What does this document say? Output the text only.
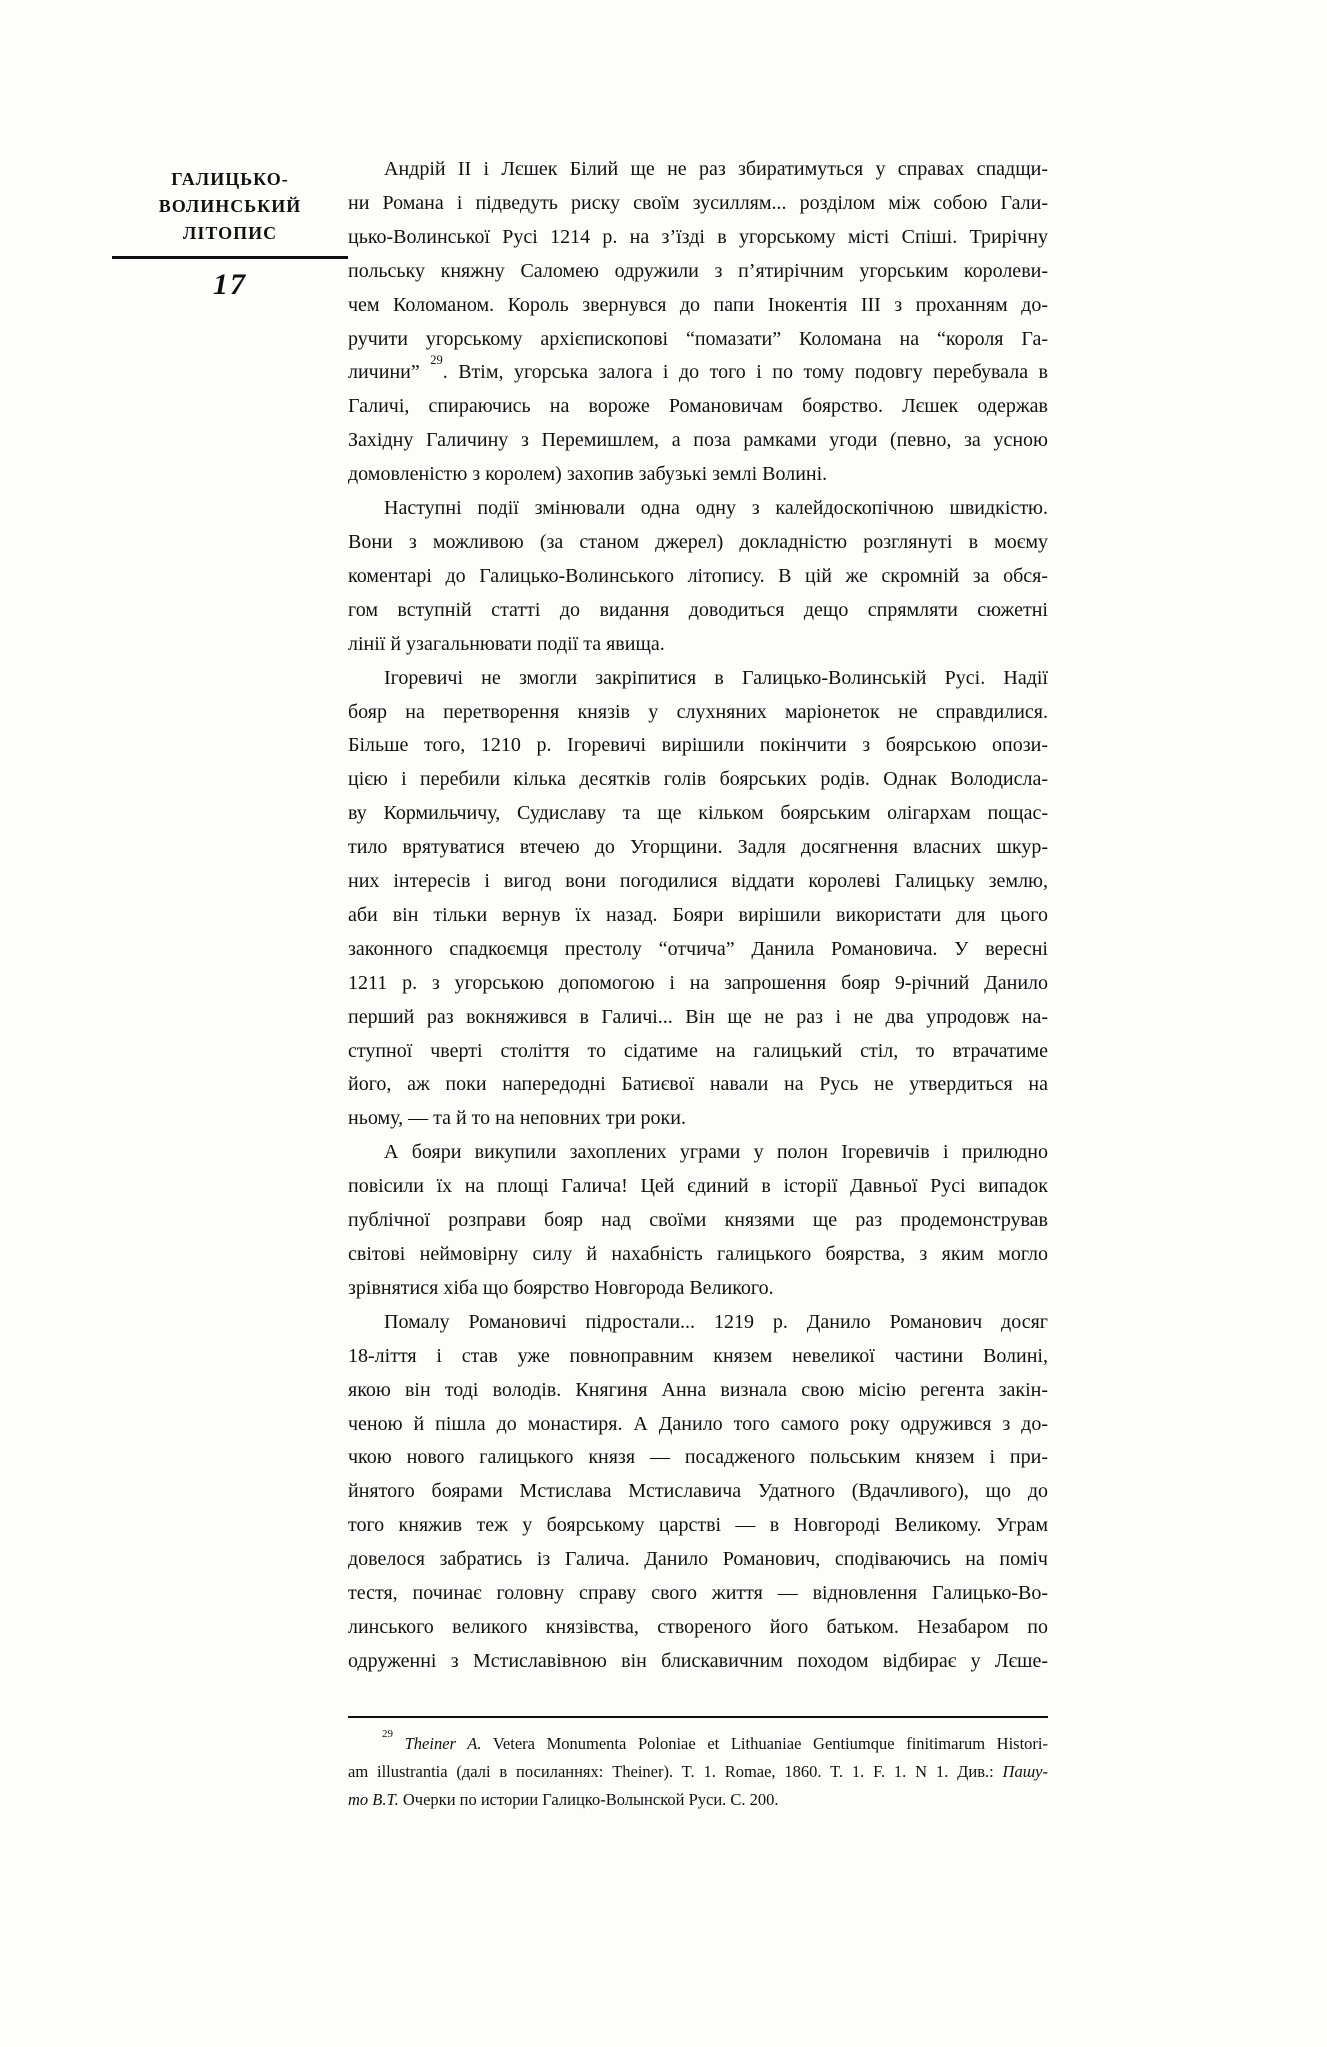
ГАЛИЦЬКО-
ВОЛИНСЬКИЙ
ЛІТОПИС
17
Андрій II і Лєшек Білий ще не раз збиратимуться у справах спадщи-
ни Романа і підведуть риску своїм зусиллям... розділом між собою Гали-
цько-Волинської Русі 1214 р. на з’їзді в угорському місті Спіші. Трирічну
польську княжну Саломею одружили з п’ятирічним угорським королеви-
чем Коломаном. Король звернувся до папи Інокентія III з проханням до-
ручити угорському архієпископові “помазати” Коломана на “короля Га-
личини” $^{29}$. Втім, угорська залога і до того і по тому подовгу перебувала в
Галичі, спираючись на вороже Романовичам боярство. Лєшек одержав
Західну Галичину з Перемишлем, а поза рамками угоди (певно, за усною
домовленістю з королем) захопив забузькі землі Волині.
Наступні події змінювали одна одну з калейдоскопічною швидкістю.
Вони з можливою (за станом джерел) докладністю розглянуті в моєму
коментарі до Галицько-Волинського літопису. В цій же скромній за обся-
гом вступній статті до видання доводиться дещо спрямляти сюжетні
лінії й узагальнювати події та явища.
Ігоревичі не змогли закріпитися в Галицько-Волинській Русі. Надії
бояр на перетворення князів у слухняних маріонеток не справдилися.
Більше того, 1210 р. Ігоревичі вирішили покінчити з боярською опози-
цією і перебили кілька десятків голів боярських родів. Однак Володисла-
ву Кормильчичу, Судиславу та ще кільком боярським олігархам пощас-
тило врятуватися втечею до Угорщини. Задля досягнення власних шкур-
них інтересів і вигод вони погодилися віддати королеві Галицьку землю,
аби він тільки вернув їх назад. Бояри вирішили використати для цього
законного спадкоємця престолу “отчича” Данила Романовича. У вересні
1211 р. з угорською допомогою і на запрошення бояр 9-річний Данило
перший раз вокняжився в Галичі... Він ще не раз і не два упродовж на-
ступної чверті століття то сідатиме на галицький стіл, то втрачатиме
його, аж поки напередодні Батиєвої навали на Русь не утвердиться на
ньому, — та й то на неповних три роки.
А бояри викупили захоплених уграми у полон Ігоревичів і прилюдно
повісили їх на площі Галича! Цей єдиний в історії Давньої Русі випадок
публічної розправи бояр над своїми князями ще раз продемонстрував
світові неймовірну силу й нахабність галицького боярства, з яким могло
зрівнятися хіба що боярство Новгорода Великого.
Помалу Романовичі підростали... 1219 р. Данило Романович досяг
18-ліття і став уже повноправним князем невеликої частини Волині,
якою він тоді володів. Княгиня Анна визнала свою місію регента закін-
ченою й пішла до монастиря. А Данило того самого року одружився з до-
чкою нового галицького князя — посадженого польським князем і при-
йнятого боярами Мстислава Мстиславича Удатного (Вдачливого), що до
того княжив теж у боярському царстві — в Новгороді Великому. Уграм
довелося забратись із Галича. Данило Романович, сподіваючись на поміч
тестя, починає головну справу свого життя — відновлення Галицько-Во-
линського великого князівства, створеного його батьком. Незабаром по
одруженні з Мстиславівною він блискавичним походом відбирає у Лєше-
$^{29}$ Theiner A. Vetera Monumenta Poloniae et Lithuaniae Gentiumque finitimarum Histori-
am illustrantia (далі в посиланнях: Theiner). T. 1. Romae, 1860. T. 1. F. 1. N 1. Див.: Пашу-
то В.Т. Очерки по истории Галицко-Волынской Руси. С. 200.
